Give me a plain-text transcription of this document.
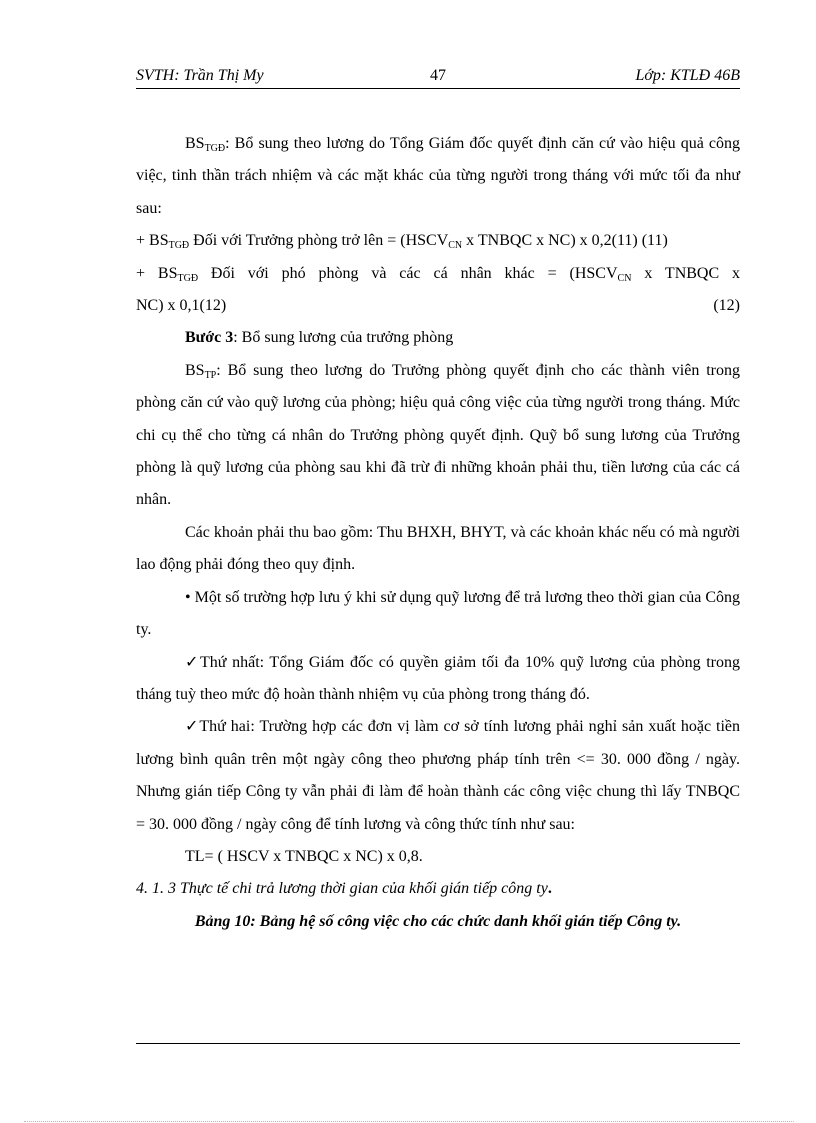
SVTH: Trần Thị My	47	Lớp: KTLĐ 46B

$BS_{TGĐ}$: Bổ sung theo lương do Tổng Giám đốc quyết định căn cứ vào hiệu quả công việc, tinh thần trách nhiệm và các mặt khác của từng người trong tháng với mức tối đa như sau:

+ $BS_{TGĐ}$ Đối với Trưởng phòng trở lên = ($HSCV_{CN}$ x TNBQC x NC) x 0,2(11) (11)

+ $BS_{TGĐ}$ Đối với phó phòng và các cá nhân khác = ($HSCV_{CN}$ x TNBQC x

NC) x 0,1(12)	(12)

Bước 3: Bổ sung lương của trưởng phòng

$BS_{TP}$: Bổ sung theo lương do Trưởng phòng quyết định cho các thành viên trong phòng căn cứ vào quỹ lương của phòng; hiệu quả công việc của từng người trong tháng. Mức chi cụ thể cho từng cá nhân do Trưởng phòng quyết định. Quỹ bổ sung lương của Trưởng phòng là quỹ lương của phòng sau khi đã trừ đi những khoản phải thu, tiền lương của các cá nhân.

Các khoản phải thu bao gồm: Thu BHXH, BHYT, và các khoản khác nếu có mà người lao động phải đóng theo quy định.

• Một số trường hợp lưu ý khi sử dụng quỹ lương để trả lương theo thời gian của Công ty.

✓Thứ nhất: Tổng Giám đốc có quyền giảm tối đa 10% quỹ lương của phòng trong tháng tuỳ theo mức độ hoàn thành nhiệm vụ của phòng trong tháng đó.

✓Thứ hai: Trường hợp các đơn vị làm cơ sở tính lương phải nghỉ sản xuất hoặc tiền lương bình quân trên một ngày công theo phương pháp tính trên <= 30. 000 đồng / ngày. Nhưng gián tiếp Công ty vẫn phải đi làm để hoàn thành các công việc chung thì lấy TNBQC = 30. 000 đồng / ngày công để tính lương và công thức tính như sau:

TL= ( HSCV x TNBQC x NC) x 0,8.

4. 1. 3 Thực tế chi trả lương thời gian của khối gián tiếp công ty.

Bảng 10: Bảng hệ số công việc cho các chức danh khối gián tiếp Công ty.
